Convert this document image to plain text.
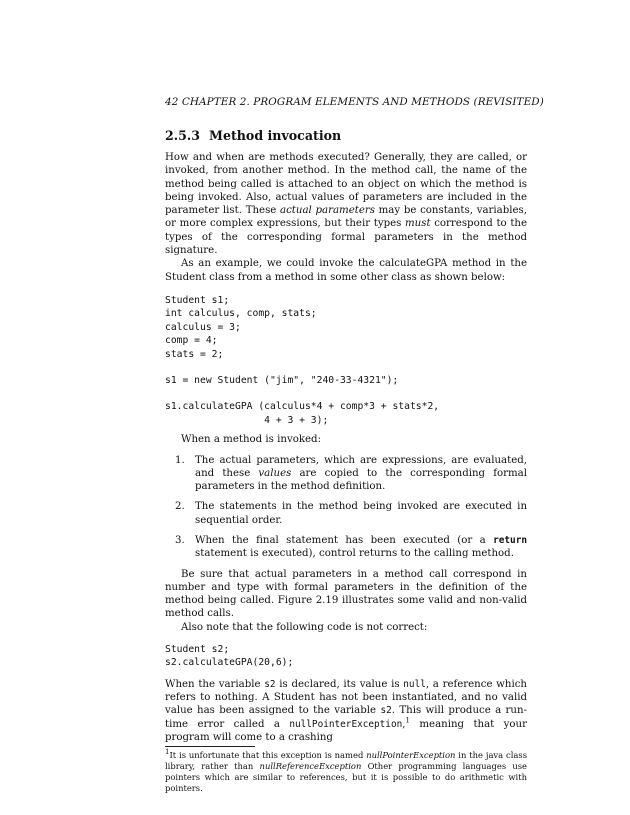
42 CHAPTER 2. PROGRAM ELEMENTS AND METHODS (REVISITED)
2.5.3 Method invocation

How and when are methods executed? Generally, they are called, or invoked, from another method. In the method call, the name of the method being called is attached to an object on which the method is being invoked. Also, actual values of parameters are included in the parameter list. These actual parameters may be constants, variables, or more complex expressions, but their types must correspond to the types of the corresponding formal parameters in the method signature.

As an example, we could invoke the calculateGPA method in the Student class from a method in some other class as shown below:

Student s1;
int calculus, comp, stats;
calculus = 3;
comp = 4;
stats = 2;
s1 = new Student ("jim", "240-33-4321");
s1.calculateGPA (calculus*4 + comp*3 + stats*2,
4 + 3 + 3);

When a method is invoked:

1. The actual parameters, which are expressions, are evaluated, and these values are copied to the corresponding formal parameters in the method definition.
2. The statements in the method being invoked are executed in sequential order.
3. When the final statement has been executed (or a return statement is executed), control returns to the calling method.

Be sure that actual parameters in a method call correspond in number and type with formal parameters in the definition of the method being called. Figure 2.19 illustrates some valid and non-valid method calls.

Also note that the following code is not correct:

Student s2;
s2.calculateGPA(20,6);

When the variable s2 is declared, its value is null, a reference which refers to nothing. A Student has not been instantiated, and no valid value has been assigned to the variable s2. This will produce a run-time error called a nullPointerException,$^1$ meaning that your program will come to a crashing

$^1$It is unfortunate that this exception is named nullPointerException in the java class library, rather than nullReferenceException Other programming languages use pointers which are similar to references, but it is possible to do arithmetic with pointers.
